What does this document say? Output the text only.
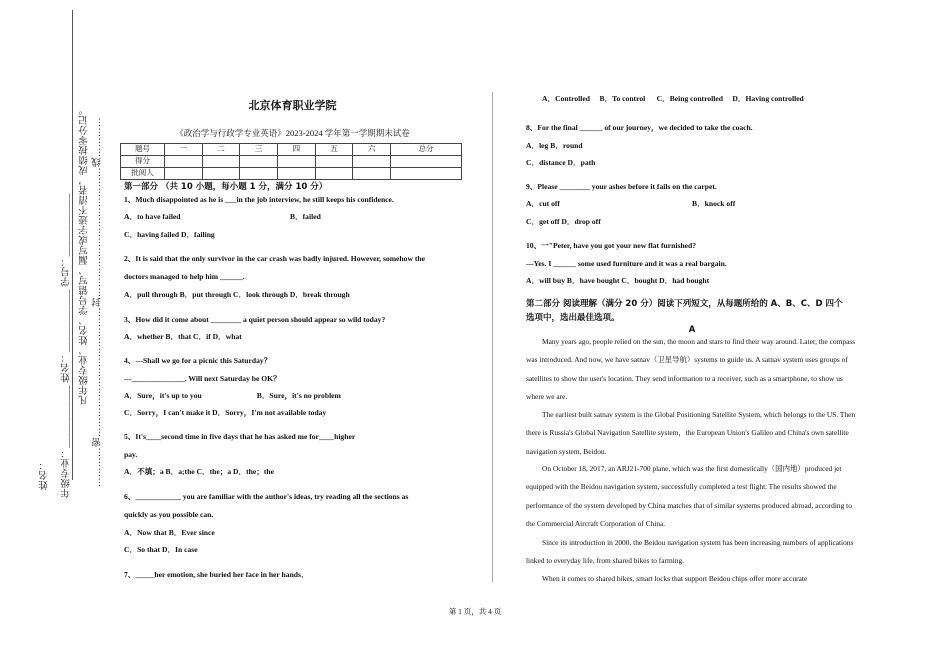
姓名： 年级专业：____________ 姓名：____________ 学号：____________ 凡年级专业、姓名、学号错写、漏写或字迹不清者，成绩按零分记。 …………密…………………………………封…………………………………线…………
北京体育职业学院
《政治学与行政学专业英语》2023-2024 学年第一学期期末试卷
题号	一	二	三	四	五	六	总分
得分							
批阅人							
第一部分 （共 10 小题，每小题 1 分，满分 10 分）
1、Much disappointed as he is ___in the job interview, he still keeps his confidence.
A．to have failed	B．failed
C．having failed D．failing
2、It is said that the only survivor in the car crash was badly injured. However, somehow the
doctors managed to help him ______.
A．pull through B．put through C．look through D．break through
3、How did it come about ________ a quiet person should appear so wild today?
A．whether B．that C．if D．what
4、---Shall we go for a picnic this Saturday？
---______________. Will next Saturday be OK？
A．Sure，it's up to you                             B．Sure，it's no problem
C．Sorry，I can't make it D．Sorry，I'm not available today
5、It's____second time in five days that he has asked me for____higher
pay.
A．不填；a B．a;the C．the；a D．the；the
6、____________ you are familiar with the author's ideas, try reading all the sections as
quickly as you possible can.
A．Now that B．Ever since
C．So that D．In case
7、_____her emotion, she buried her face in her hands．
A．Controlled     B．To control      C．Being controlled     D．Having controlled
8、For the final ______ of our journey，we decided to take the coach.
A．leg B．round
C．distance D．path
9、Please ________ your ashes before it fails on the carpet.
A．cut off	B．knock off
C．get off D．drop off
10、一"Peter, have you got your new flat furnished?
—Yes. I ______ some used furniture and it was a real bargain.
A．will buy B．have bought C．bought D．had bought
第二部分 阅读理解（满分 20 分）阅读下列短文，从每题所给的 A、B、C、D 四个
选项中，选出最佳选项。
A
Many years ago, people relied on the sun, the moon and stars to find their way around. Later, the compass was introduced. And now, we have satnav（卫星导航）systems to guide us. A satnav system uses groups of satellites to show the user's location. They send information to a receiver, such as a smartphone, to show us where we are.
The earliest built satnav system is the Global Positioning Satellite System, which belongs to the US. Then there is Russia's Global Navigation Satellite system，the European Union's Galileo and China's own satellite navigation system, Beidou.
On October 18, 2017, an ARJ21-700 plane, which was the first domestically（国内地）produced jet equipped with the Beidou navigation system, successfully completed a test flight. The results showed the performance of the system developed by China matches that of similar systems produced abroad, according to the Commercial Aircraft Corporation of China.
Since its introduction in 2000, the Beidou navigation system has been increasing numbers of applications linked to everyday life, from shared bikes to farming.
When it comes to shared bikes, smart locks that support Beidou chips offer more accurate
第 1 页，共 4 页
